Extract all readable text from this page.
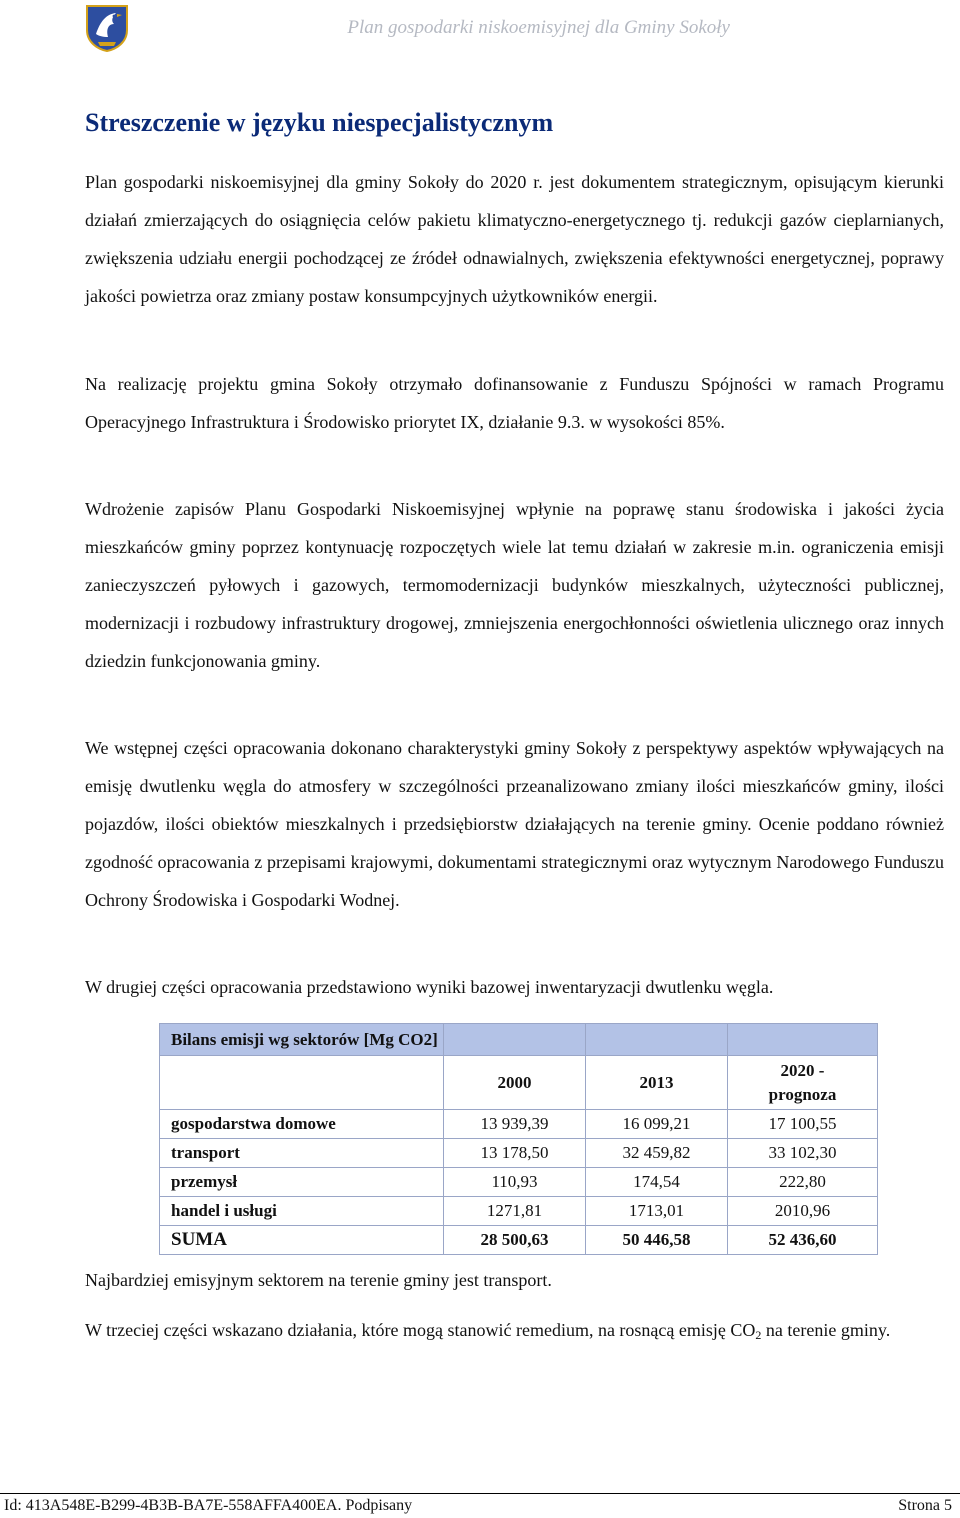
Plan gospodarki niskoemisyjnej dla Gminy Sokoły
Streszczenie w języku niespecjalistycznym

Plan gospodarki niskoemisyjnej dla gminy Sokoły do 2020 r. jest dokumentem strategicznym, opisującym kierunki działań zmierzających do osiągnięcia celów pakietu klimatyczno-energetycznego tj. redukcji gazów cieplarnianych, zwiększenia udziału energii pochodzącej ze źródeł odnawialnych, zwiększenia efektywności energetycznej, poprawy jakości powietrza oraz zmiany postaw konsumpcyjnych użytkowników energii.

Na realizację projektu gmina Sokoły otrzymało dofinansowanie z Funduszu Spójności w ramach Programu Operacyjnego Infrastruktura i Środowisko priorytet IX, działanie 9.3. w wysokości 85%.

Wdrożenie zapisów Planu Gospodarki Niskoemisyjnej wpłynie na poprawę stanu środowiska i jakości życia mieszkańców gminy poprzez kontynuację rozpoczętych wiele lat temu działań w zakresie m.in. ograniczenia emisji zanieczyszczeń pyłowych i gazowych, termomodernizacji budynków mieszkalnych, użyteczności publicznej, modernizacji i rozbudowy infrastruktury drogowej, zmniejszenia energochłonności oświetlenia ulicznego oraz innych dziedzin funkcjonowania gminy.

We wstępnej części opracowania dokonano charakterystyki gminy Sokoły z perspektywy aspektów wpływających na emisję dwutlenku węgla do atmosfery w szczególności przeanalizowano zmiany ilości mieszkańców gminy, ilości pojazdów, ilości obiektów mieszkalnych i przedsiębiorstw działających na terenie gminy. Ocenie poddano również zgodność opracowania z przepisami krajowymi, dokumentami strategicznymi oraz wytycznym Narodowego Funduszu Ochrony Środowiska i Gospodarki Wodnej.

W drugiej części opracowania przedstawiono wyniki bazowej inwentaryzacji dwutlenku węgla.

Bilans emisji wg sektorów [Mg CO2]			
	2000	2013	2020 -
prognoza
gospodarstwa domowe	13 939,39	16 099,21	17 100,55
transport	13 178,50	32 459,82	33 102,30
przemysł	110,93	174,54	222,80
handel i usługi	1271,81	1713,01	2010,96
SUMA	28 500,63	50 446,58	52 436,60

Najbardziej emisyjnym sektorem na terenie gminy jest transport.

W trzeciej części wskazano działania, które mogą stanowić remedium, na rosnącą emisję $CO_2$ na terenie gminy.

Id: 413A548E-B299-4B3B-BA7E-558AFFA400EA. Podpisany	Strona 5
